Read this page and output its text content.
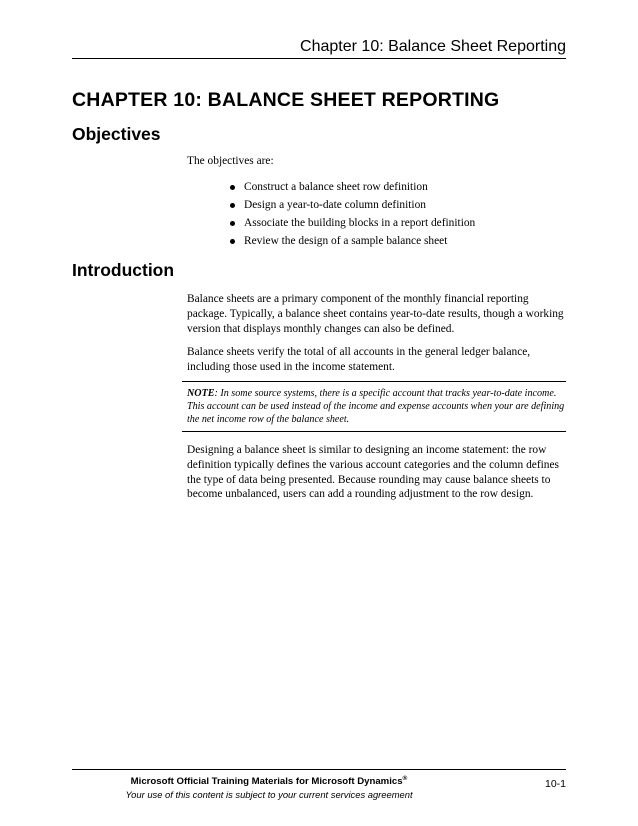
Chapter 10: Balance Sheet Reporting
CHAPTER 10: BALANCE SHEET REPORTING
Objectives

The objectives are:

Construct a balance sheet row definition
Design a year-to-date column definition
Associate the building blocks in a report definition
Review the design of a sample balance sheet
Introduction

Balance sheets are a primary component of the monthly financial reporting package. Typically, a balance sheet contains year-to-date results, though a working version that displays monthly changes can also be defined.

Balance sheets verify the total of all accounts in the general ledger balance, including those used in the income statement.

NOTE: In some source systems, there is a specific account that tracks year-to-date income. This account can be used instead of the income and expense accounts when your are defining the net income row of the balance sheet.

Designing a balance sheet is similar to designing an income statement: the row definition typically defines the various account categories and the column defines the type of data being presented. Because rounding may cause balance sheets to become unbalanced, users can add a rounding adjustment to the row design.

Microsoft Official Training Materials for Microsoft Dynamics®
Your use of this content is subject to your current services agreement
10-1
